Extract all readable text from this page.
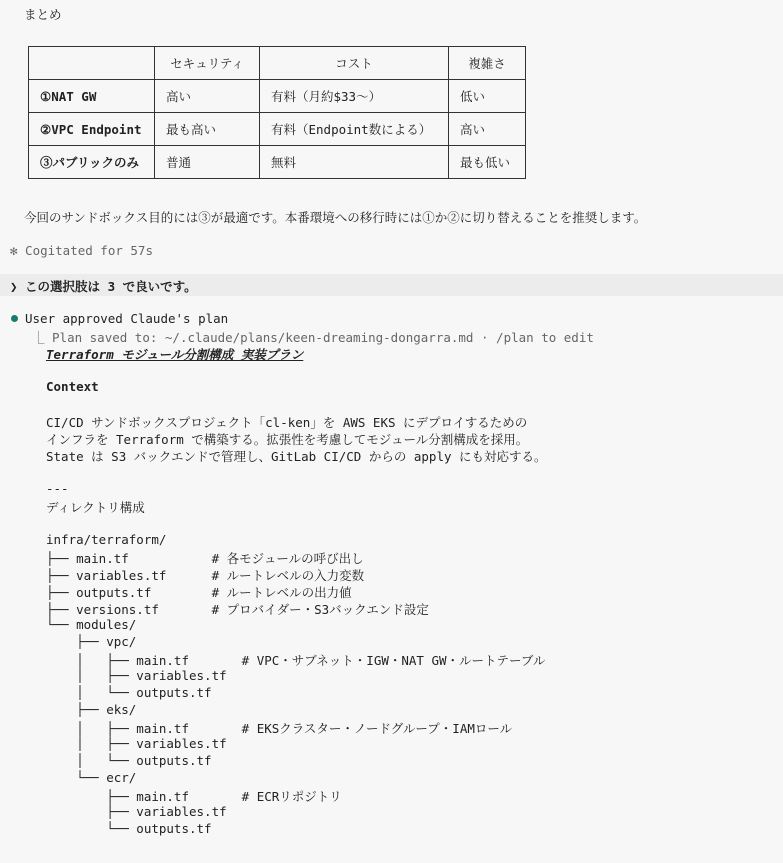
まとめ
	セキュリティ	コスト	複雑さ
①NAT GW	高い	有料（月約$33〜）	低い
②VPC Endpoint	最も高い	有料（Endpoint数による）	高い
③パブリックのみ	普通	無料	最も低い
今回のサンドボックス目的には③が最適です。本番環境への移行時には①か②に切り替えることを推奨します。
✻ Cogitated for 57s
❯ この選択肢は 3 で良いです。
User approved Claude's plan
⎿ Plan saved to: ~/.claude/plans/keen-dreaming-dongarra.md · /plan to edit
Terraform モジュール分割構成 実装プラン
Context
CI/CD サンドボックスプロジェクト「cl-ken」を AWS EKS にデプロイするための
インフラを Terraform で構築する。拡張性を考慮してモジュール分割構成を採用。
State は S3 バックエンドで管理し、GitLab CI/CD からの apply にも対応する。
---
ディレクトリ構成
infra/terraform/
├── main.tf           # 各モジュールの呼び出し
├── variables.tf      # ルートレベルの入力変数
├── outputs.tf        # ルートレベルの出力値
├── versions.tf       # プロバイダー・S3バックエンド設定
└── modules/
├── vpc/
│   ├── main.tf       # VPC・サブネット・IGW・NAT GW・ルートテーブル
│   ├── variables.tf
│   └── outputs.tf
├── eks/
│   ├── main.tf       # EKSクラスター・ノードグループ・IAMロール
│   ├── variables.tf
│   └── outputs.tf
└── ecr/
├── main.tf       # ECRリポジトリ
├── variables.tf
└── outputs.tf
